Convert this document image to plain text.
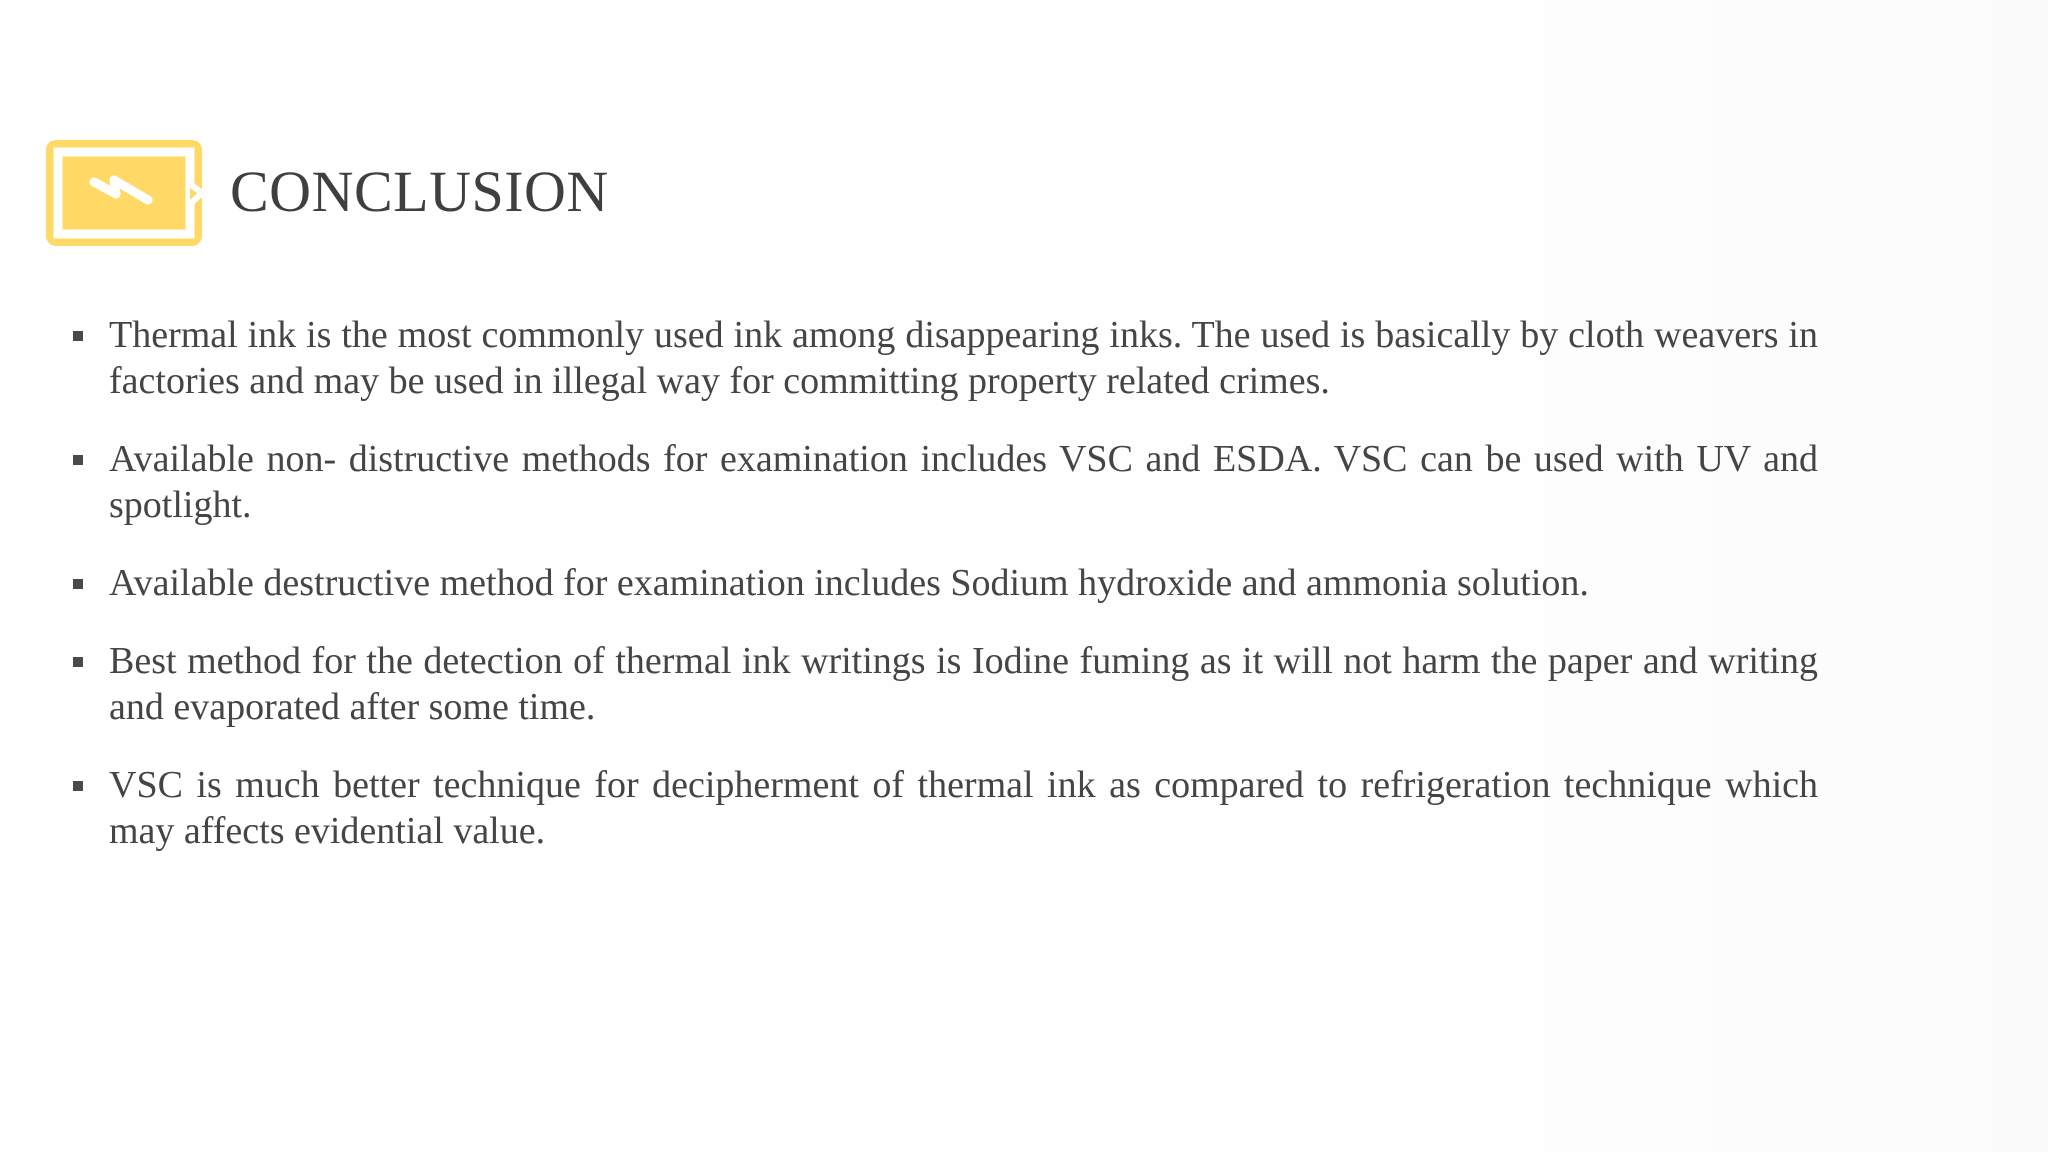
CONCLUSION
Thermal ink is the most commonly used ink among disappearing inks. The used is basically by cloth weavers in factories and may be used in illegal way for committing property related crimes.
Available non- distructive methods for examination includes VSC and ESDA. VSC can be used with UV and spotlight.
Available destructive method for examination includes Sodium hydroxide and ammonia solution.
Best method for the detection of thermal ink writings is Iodine fuming as it will not harm the paper and writing and evaporated after some time.
VSC is much better technique for decipherment of thermal ink as compared to refrigeration technique which may affects evidential value.
